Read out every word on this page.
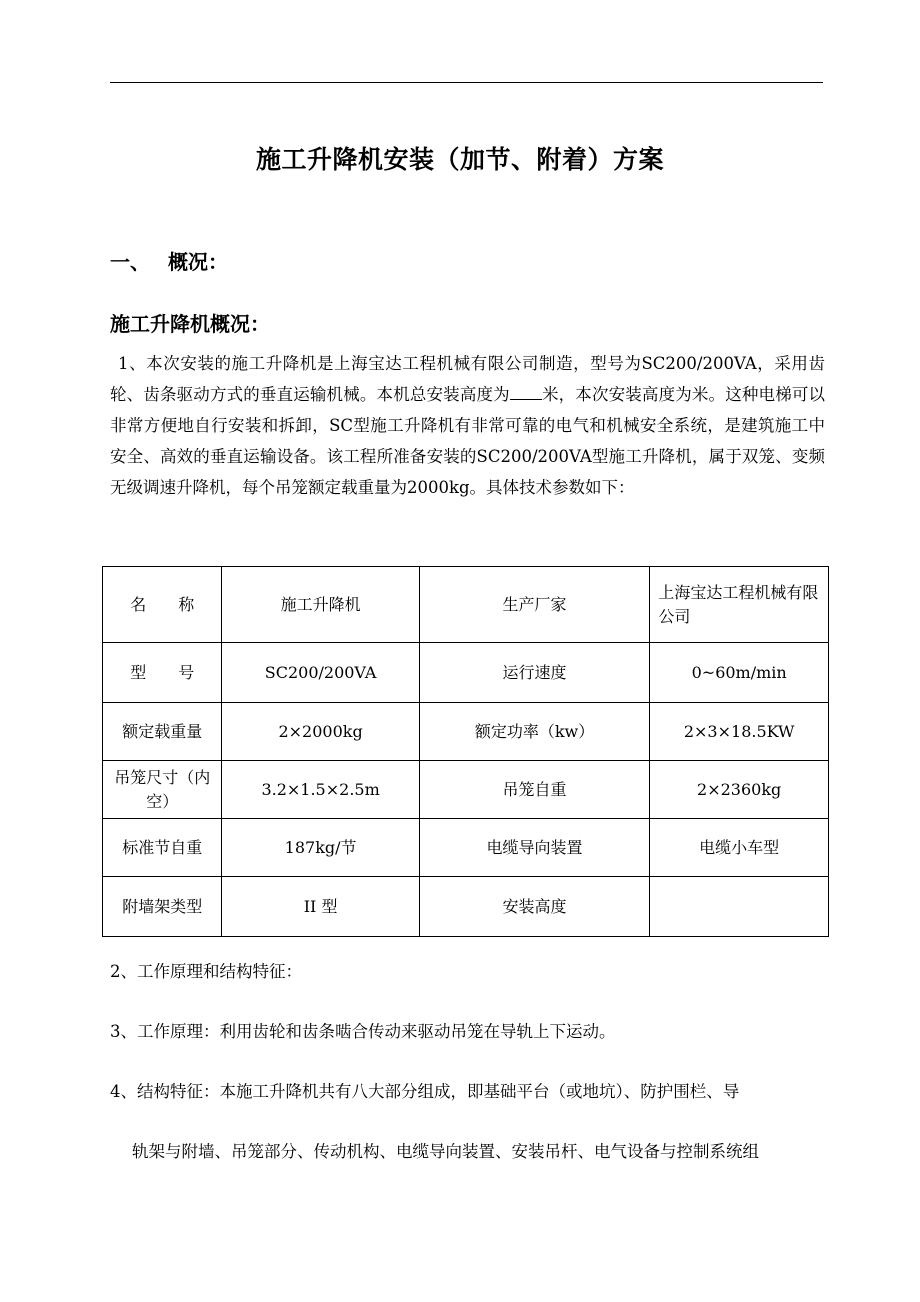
施工升降机安装（加节、附着）方案
一、 概况：
施工升降机概况：
1、本次安装的施工升降机是上海宝达工程机械有限公司制造，型号为SC200/200VA，采用齿轮、齿条驱动方式的垂直运输机械。本机总安装高度为 米，本次安装高度为米。这种电梯可以非常方便地自行安装和拆卸，SC型施工升降机有非常可靠的电气和机械安全系统，是建筑施工中安全、高效的垂直运输设备。该工程所准备安装的SC200/200VA型施工升降机，属于双笼、变频无级调速升降机，每个吊笼额定载重量为2000kg。具体技术参数如下：
名　　称	施工升降机	生产厂家	上海宝达工程机械有限公司
型　　号	SC200/200VA	运行速度	0~60m/min
额定载重量	2×2000kg	额定功率（kw）	2×3×18.5KW
吊笼尺寸（内空）	3.2×1.5×2.5m	吊笼自重	2×2360kg
标准节自重	187kg/节	电缆导向装置	电缆小车型
附墙架类型	II 型	安装高度	
2、工作原理和结构特征：
3、工作原理：利用齿轮和齿条啮合传动来驱动吊笼在导轨上下运动。
4、结构特征：本施工升降机共有八大部分组成，即基础平台（或地坑）、防护围栏、导
轨架与附墙、吊笼部分、传动机构、电缆导向装置、安装吊杆、电气设备与控制系统组
